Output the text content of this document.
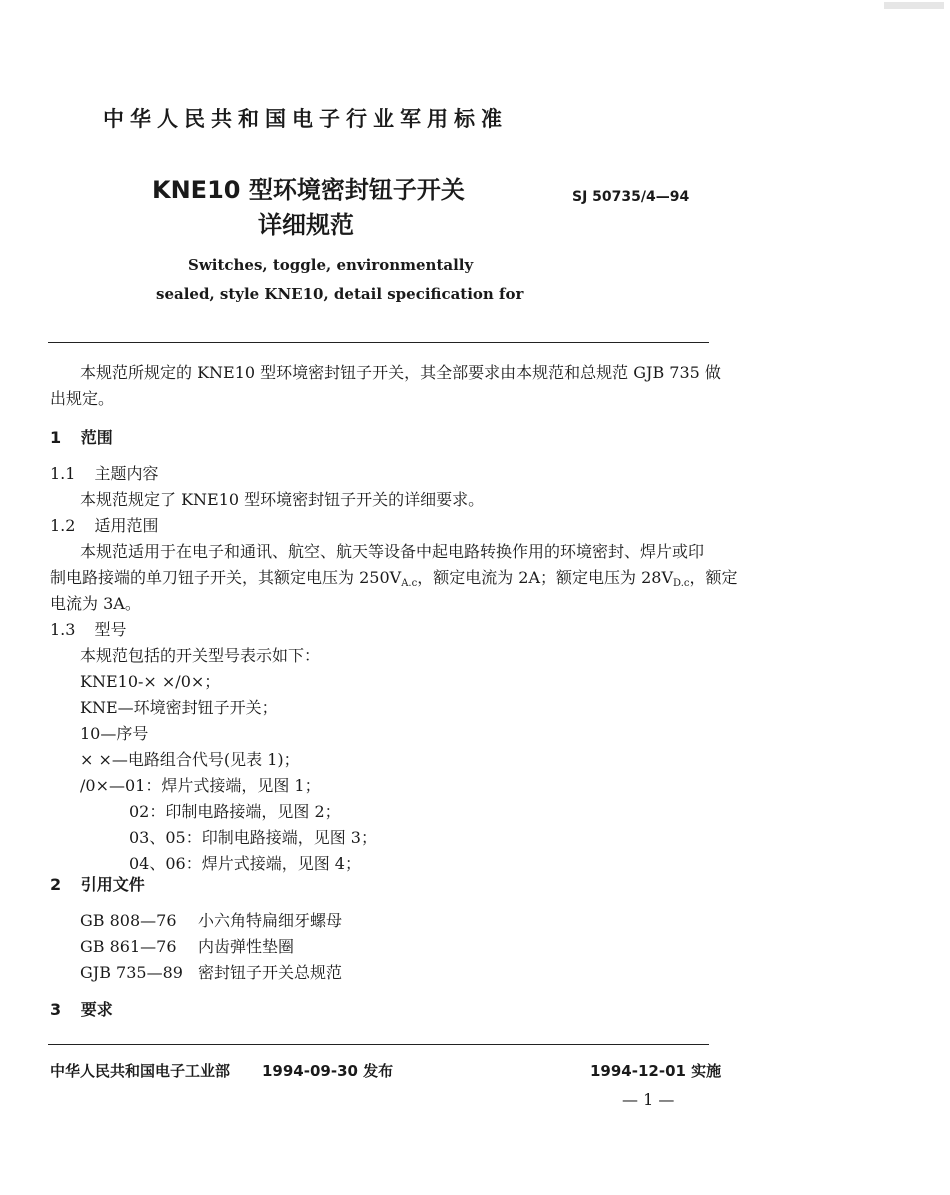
中华人民共和国电子行业军用标准
KNE10 型环境密封钮子开关
详细规范
SJ 50735/4—94
Switches, toggle, environmentally
sealed, style KNE10, detail specification for
本规范所规定的 KNE10 型环境密封钮子开关，其全部要求由本规范和总规范 GJB 735 做
出规定。
1 范围
1.1 主题内容
本规范规定了 KNE10 型环境密封钮子开关的详细要求。
1.2 适用范围
本规范适用于在电子和通讯、航空、航天等设备中起电路转换作用的环境密封、焊片或印
制电路接端的单刀钮子开关，其额定电压为 $250V_{A.c}$，额定电流为 2A；额定电压为 $28V_{D.c}$，额定
电流为 3A。
1.3 型号
本规范包括的开关型号表示如下：
KNE10-× ×/0×；
KNE—环境密封钮子开关；
10—序号
× ×—电路组合代号(见表 1)；
/0×—01：焊片式接端，见图 1；
02：印制电路接端，见图 2；
03、05：印制电路接端，见图 3；
04、06：焊片式接端，见图 4；
2 引用文件
GB 808—76 小六角特扁细牙螺母
GB 861—76 内齿弹性垫圈
GJB 735—89 密封钮子开关总规范
3 要求
中华人民共和国电子工业部 1994-09-30 发布	1994-12-01 实施
— 1 —
